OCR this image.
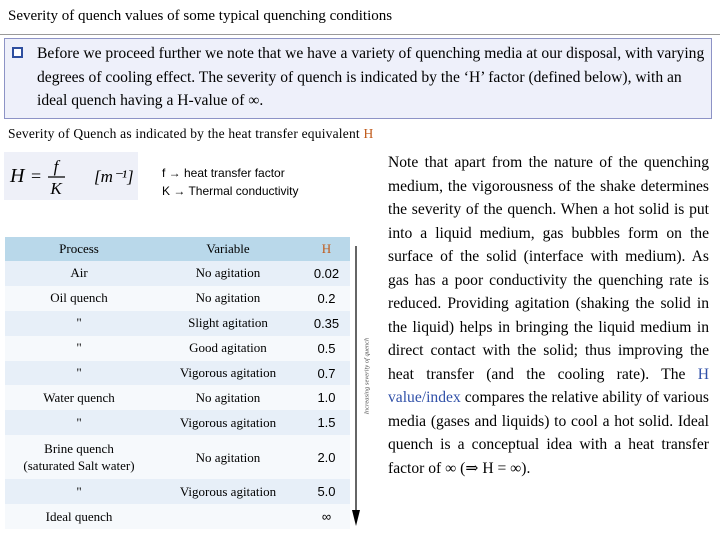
Severity of quench values of some typical quenching conditions
Before we proceed further we note that we have a variety of quenching media at our disposal, with varying degrees of cooling effect. The severity of quench is indicated by the ‘H’ factor (defined below), with an ideal quench having a H-value of ∞.
Severity of Quench as indicated by the heat transfer equivalent H
H = f
K
[m⁻¹] f → heat transfer factor
K → Thermal conductivity
Process	Variable	H
Air	No agitation	0.02
Oil quench	No agitation	0.2
"	Slight agitation	0.35
"	Good agitation	0.5
"	Vigorous agitation	0.7
Water quench	No agitation	1.0
"	Vigorous agitation	1.5

Brine quench
(saturated Salt water)	No agitation	2.0
"	Vigorous agitation	5.0
Ideal quench		∞
Increasing severity of quench
Note that apart from the nature of the quenching medium, the vigorousness of the shake determines the severity of the quench. When a hot solid is put into a liquid medium, gas bubbles form on the surface of the solid (interface with medium). As gas has a poor conductivity the quenching rate is reduced. Providing agitation (shaking the solid in the liquid) helps in bringing the liquid medium in direct contact with the solid; thus improving the heat transfer (and the cooling rate). The H value/index compares the relative ability of various media (gases and liquids) to cool a hot solid. Ideal quench is a conceptual idea with a heat transfer factor of ∞ (⇒ H = ∞).
